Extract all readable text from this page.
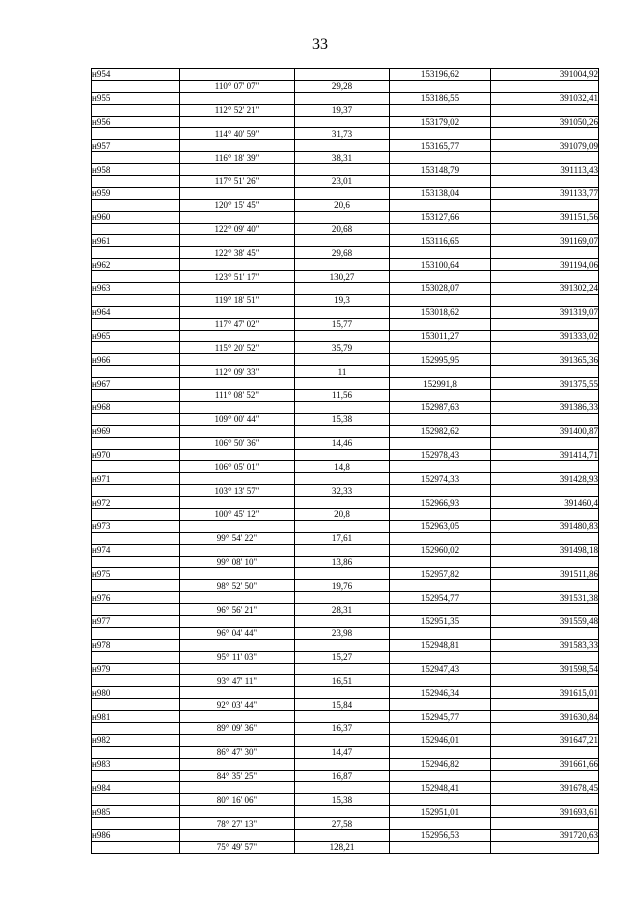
33
н954			153196,62	391004,92
	110° 07' 07"	29,28		
н955			153186,55	391032,41
	112° 52' 21"	19,37		
н956			153179,02	391050,26
	114° 40' 59"	31,73		
н957			153165,77	391079,09
	116° 18' 39"	38,31		
н958			153148,79	391113,43
	117° 51' 26"	23,01		
н959			153138,04	391133,77
	120° 15' 45"	20,6		
н960			153127,66	391151,56
	122° 09' 40"	20,68		
н961			153116,65	391169,07
	122° 38' 45"	29,68		
н962			153100,64	391194,06
	123° 51' 17"	130,27		
н963			153028,07	391302,24
	119° 18' 51"	19,3		
н964			153018,62	391319,07
	117° 47' 02"	15,77		
н965			153011,27	391333,02
	115° 20' 52"	35,79		
н966			152995,95	391365,36
	112° 09' 33"	11		
н967			152991,8	391375,55
	111° 08' 52"	11,56		
н968			152987,63	391386,33
	109° 00' 44"	15,38		
н969			152982,62	391400,87
	106° 50' 36"	14,46		
н970			152978,43	391414,71
	106° 05' 01"	14,8		
н971			152974,33	391428,93
	103° 13' 57"	32,33		
н972			152966,93	391460,4
	100° 45' 12"	20,8		
н973			152963,05	391480,83
	99° 54' 22"	17,61		
н974			152960,02	391498,18
	99° 08' 10"	13,86		
н975			152957,82	391511,86
	98° 52' 50"	19,76		
н976			152954,77	391531,38
	96° 56' 21"	28,31		
н977			152951,35	391559,48
	96° 04' 44"	23,98		
н978			152948,81	391583,33
	95° 11' 03"	15,27		
н979			152947,43	391598,54
	93° 47' 11"	16,51		
н980			152946,34	391615,01
	92° 03' 44"	15,84		
н981			152945,77	391630,84
	89° 09' 36"	16,37		
н982			152946,01	391647,21
	86° 47' 30"	14,47		
н983			152946,82	391661,66
	84° 35' 25"	16,87		
н984			152948,41	391678,45
	80° 16' 06"	15,38		
н985			152951,01	391693,61
	78° 27' 13"	27,58		
н986			152956,53	391720,63
	75° 49' 57"	128,21		
